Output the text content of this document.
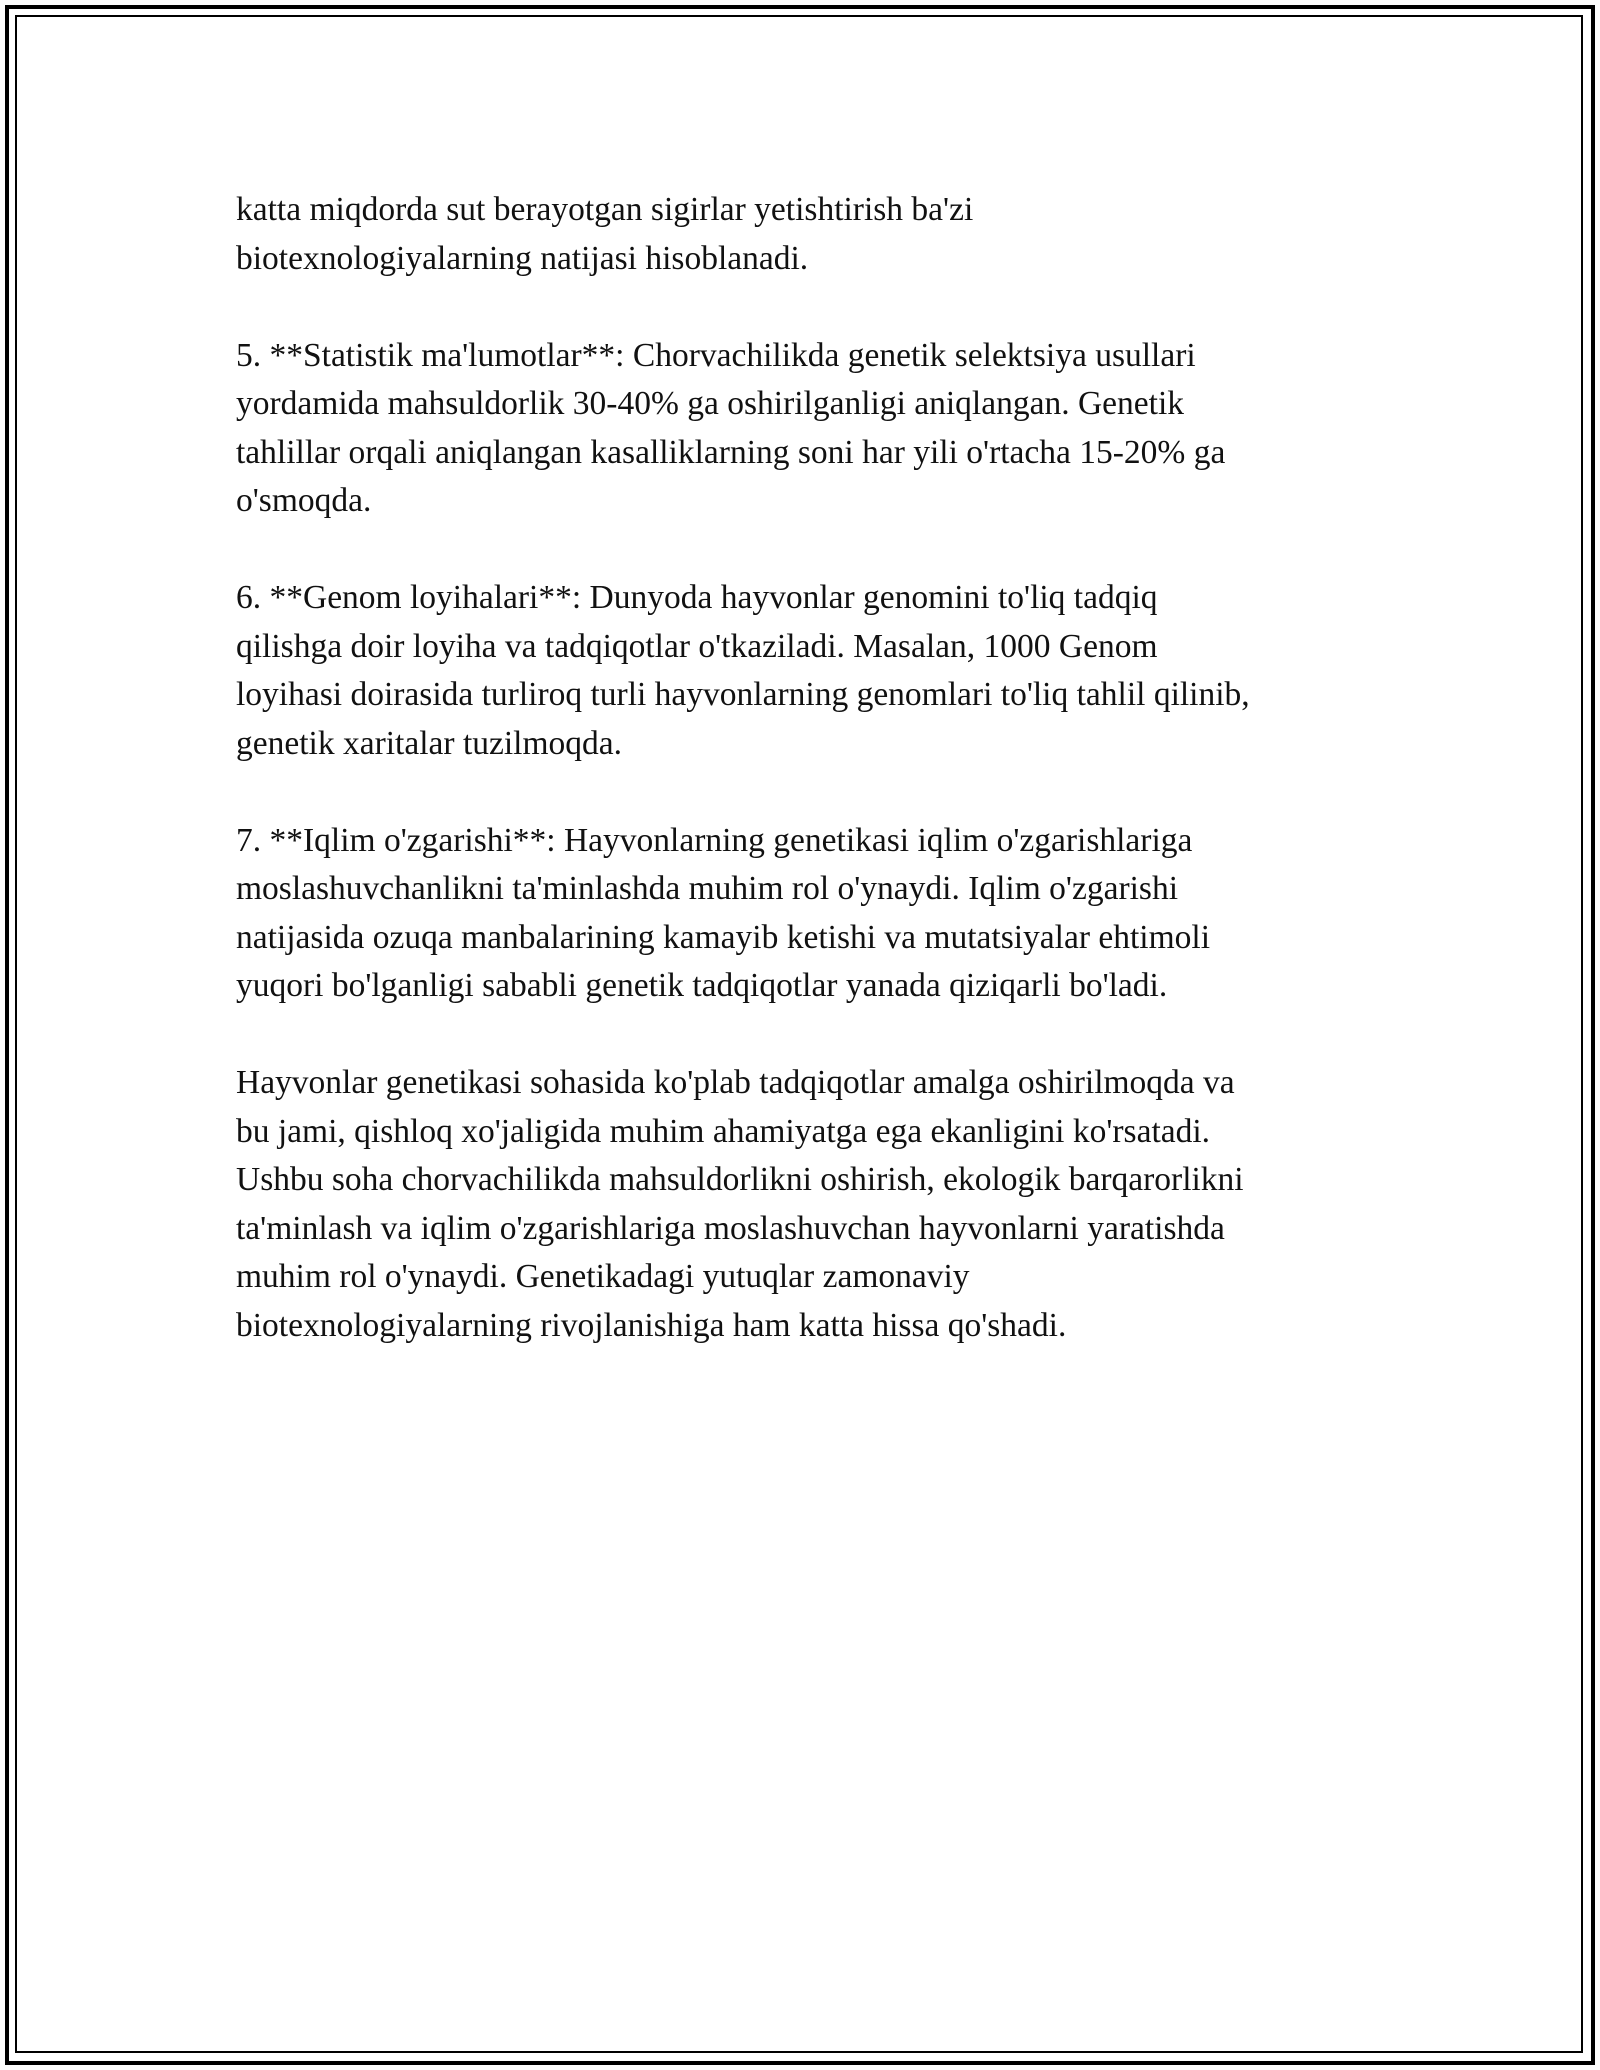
katta miqdorda sut berayotgan sigirlar yetishtirish ba'zi
biotexnologiyalarning natijasi hisoblanadi.

5. **Statistik ma'lumotlar**: Chorvachilikda genetik selektsiya usullari
yordamida mahsuldorlik 30-40% ga oshirilganligi aniqlangan. Genetik
tahlillar orqali aniqlangan kasalliklarning soni har yili o'rtacha 15-20% ga
o'smoqda.

6. **Genom loyihalari**: Dunyoda hayvonlar genomini to'liq tadqiq
qilishga doir loyiha va tadqiqotlar o'tkaziladi. Masalan, 1000 Genom
loyihasi doirasida turliroq turli hayvonlarning genomlari to'liq tahlil qilinib,
genetik xaritalar tuzilmoqda.

7. **Iqlim o'zgarishi**: Hayvonlarning genetikasi iqlim o'zgarishlariga
moslashuvchanlikni ta'minlashda muhim rol o'ynaydi. Iqlim o'zgarishi
natijasida ozuqa manbalarining kamayib ketishi va mutatsiyalar ehtimoli
yuqori bo'lganligi sababli genetik tadqiqotlar yanada qiziqarli bo'ladi.

Hayvonlar genetikasi sohasida ko'plab tadqiqotlar amalga oshirilmoqda va
bu jami, qishloq xo'jaligida muhim ahamiyatga ega ekanligini ko'rsatadi.
Ushbu soha chorvachilikda mahsuldorlikni oshirish, ekologik barqarorlikni
ta'minlash va iqlim o'zgarishlariga moslashuvchan hayvonlarni yaratishda
muhim rol o'ynaydi. Genetikadagi yutuqlar zamonaviy
biotexnologiyalarning rivojlanishiga ham katta hissa qo'shadi.
